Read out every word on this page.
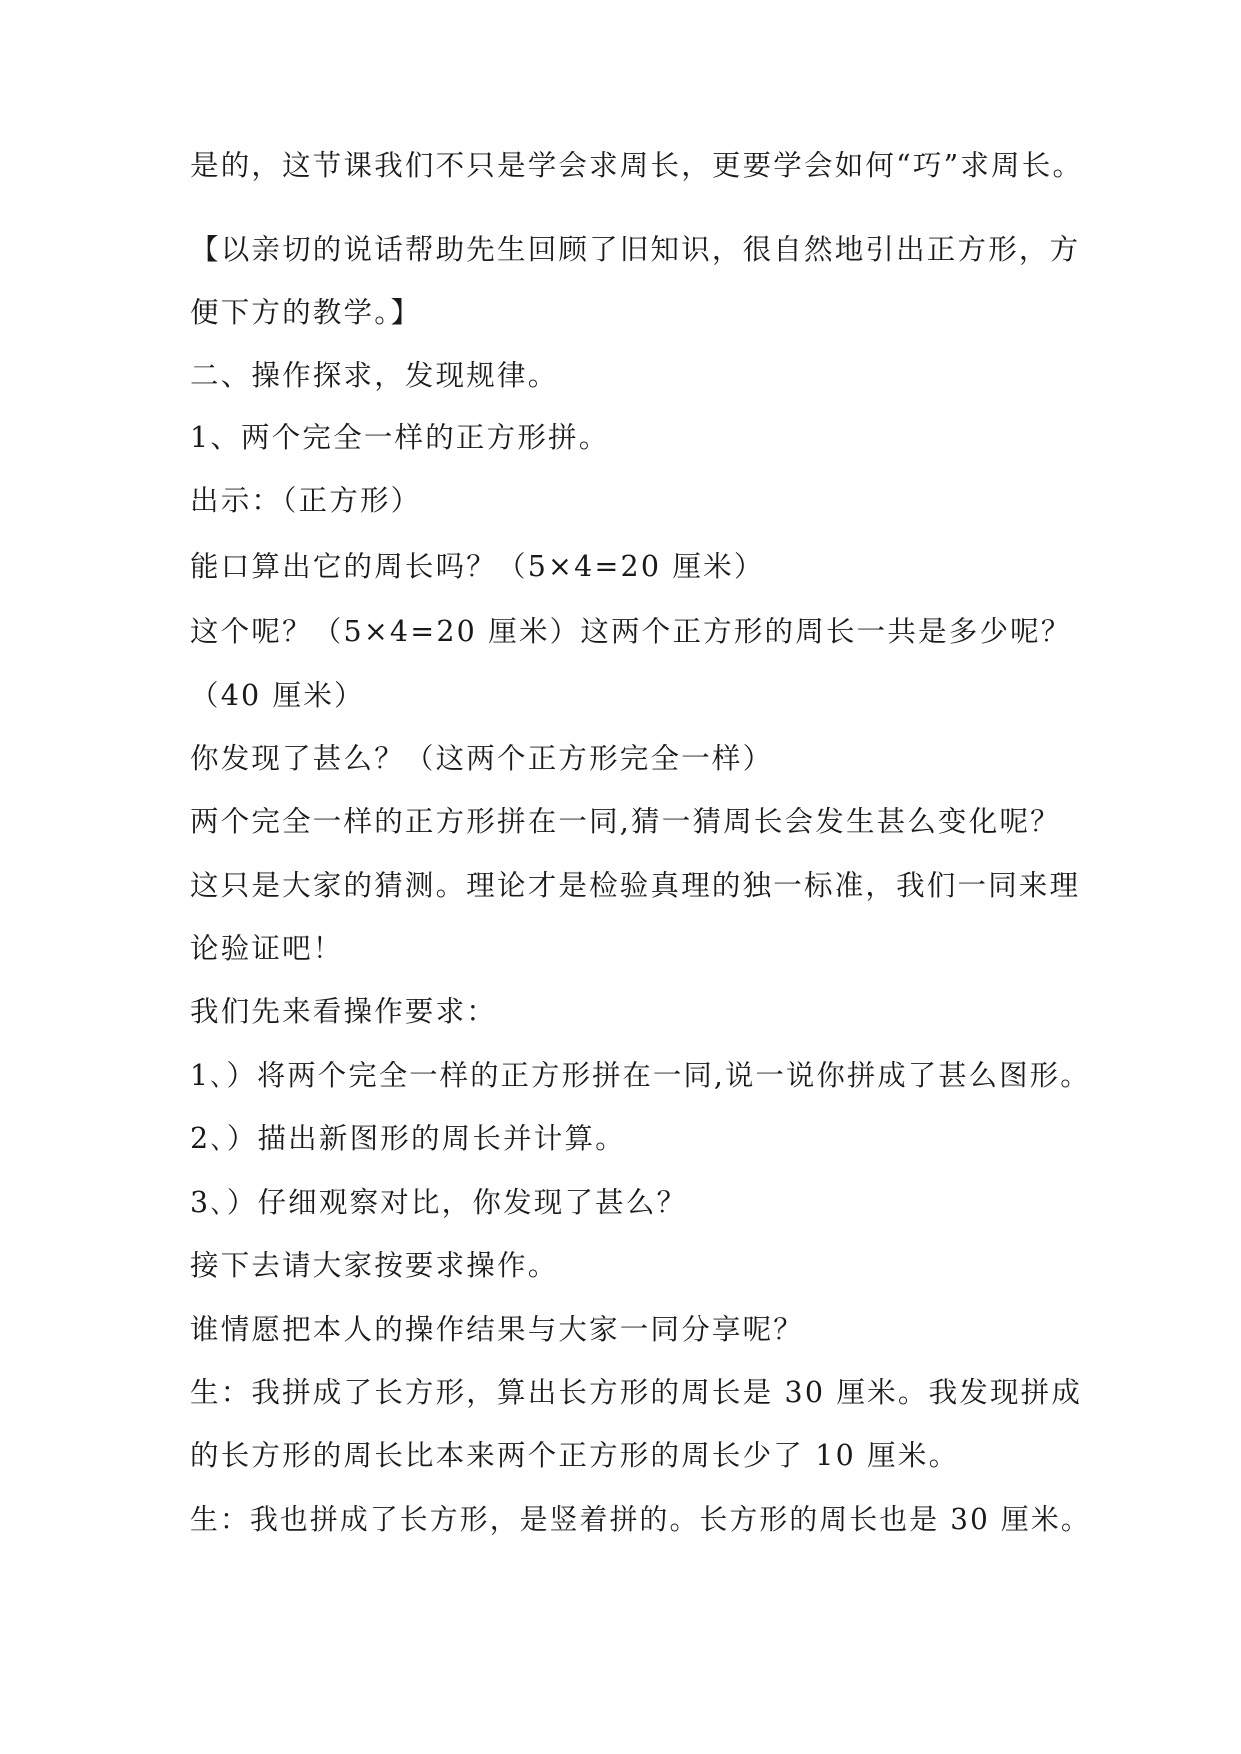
是的，这节课我们不只是学会求周长，更要学会如何“巧”求周长。
【以亲切的说话帮助先生回顾了旧知识，很自然地引出正方形，方
便下方的教学。】
二、操作探求，发现规律。
1、两个完全一样的正方形拼。
出示：（正方形）
能口算出它的周长吗？（5×4=20 厘米）
这个呢？（5×4=20 厘米）这两个正方形的周长一共是多少呢？
（40 厘米）
你发现了甚么？（这两个正方形完全一样）
两个完全一样的正方形拼在一同,猜一猜周长会发生甚么变化呢？
这只是大家的猜测。理论才是检验真理的独一标准，我们一同来理
论验证吧！
我们先来看操作要求：
1､）将两个完全一样的正方形拼在一同,说一说你拼成了甚么图形。
2､）描出新图形的周长并计算。
3､）仔细观察对比，你发现了甚么？
接下去请大家按要求操作。
谁情愿把本人的操作结果与大家一同分享呢？
生：我拼成了长方形，算出长方形的周长是 30 厘米。我发现拼成
的长方形的周长比本来两个正方形的周长少了 10 厘米。
生：我也拼成了长方形，是竖着拼的。长方形的周长也是 30 厘米。
